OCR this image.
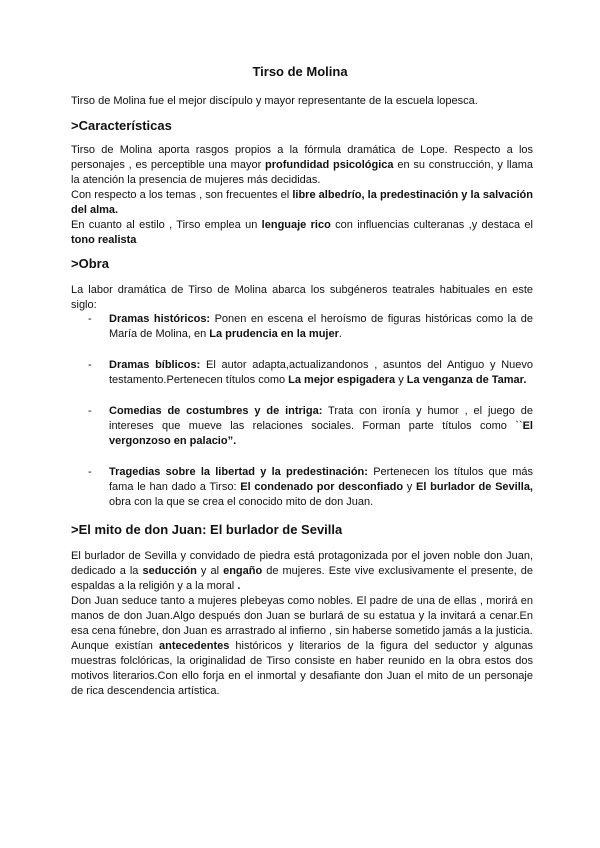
Tirso de Molina
Tirso de Molina fue el mejor discípulo y mayor representante de la escuela lopesca.
>Características
Tirso de Molina aporta rasgos propios a la fórmula dramática de Lope. Respecto a los personajes , es perceptible una mayor profundidad psicológica en su construcción, y llama la atención la presencia de mujeres más decididas.
Con respecto a los temas , son frecuentes el libre albedrío, la predestinación y la salvación del alma.
En cuanto al estilo , Tirso emplea un lenguaje rico con influencias culteranas ,y destaca el tono realista
>Obra
La labor dramática de Tirso de Molina abarca los subgéneros teatrales habituales en este siglo:
- Dramas históricos: Ponen en escena el heroísmo de figuras históricas como la de María de Molina, en La prudencia en la mujer.
- Dramas bíblicos: El autor adapta,actualizandonos , asuntos del Antiguo y Nuevo testamento.Pertenecen títulos como La mejor espigadera y La venganza de Tamar.
- Comedias de costumbres y de intriga: Trata con ironía y humor , el juego de intereses que mueve las relaciones sociales. Forman parte títulos como ``El vergonzoso en palacio”.
- Tragedias sobre la libertad y la predestinación: Pertenecen los títulos que más fama le han dado a Tirso: El condenado por desconfiado y El burlador de Sevilla, obra con la que se crea el conocido mito de don Juan.
>El mito de don Juan: El burlador de Sevilla
El burlador de Sevilla y convidado de piedra está protagonizada por el joven noble don Juan, dedicado a la seducción y al engaño de mujeres. Este vive exclusivamente el presente, de espaldas a la religión y a la moral .
Don Juan seduce tanto a mujeres plebeyas como nobles. El padre de una de ellas , morirá en manos de don Juan.Algo después don Juan se burlará de su estatua y la invitará a cenar.En esa cena fúnebre, don Juan es arrastrado al infierno , sin haberse sometido jamás a la justicia.
Aunque existían antecedentes históricos y literarios de la figura del seductor y algunas muestras folclóricas, la originalidad de Tirso consiste en haber reunido en la obra estos dos motivos literarios.Con ello forja en el inmortal y desafiante don Juan el mito de un personaje de rica descendencia artística.
